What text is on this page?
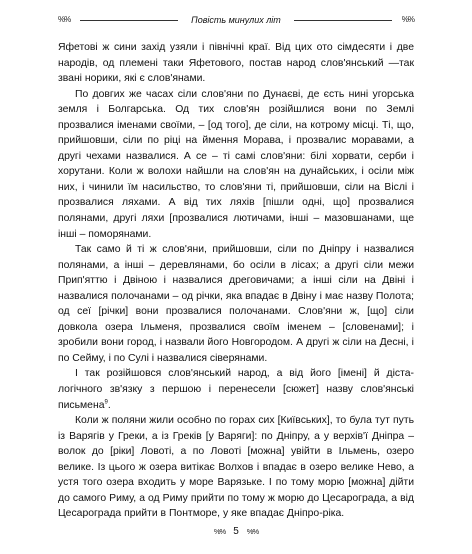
%%	Повість минулих літ	%%

Яфетові ж сини захід узяли і північні краї. Від цих ото сімдесяти і две народів, од племені таки Яфетового, постав народ слов'янський —так звані норики, які є слов'янами.

По довгих же часах сіли слов'яни по Дунаєві, де єсть нині угорська земля і Болгарська. Од тих слов'ян розійшлися вони по Землі прозвалися іменами своїми, – [од того], де сіли, на котрому місці. Ті, що, прийшовши, сіли по ріці на ймення Морава, і прозвалис моравами, а другі чехами назвалися. А се – ті самі слов'яни: білі хорвати, серби і хорутани. Коли ж волохи найшли на слов'ян на дунайських, і осіли між них, і чинили їм насильство, то слов'яни ті, прийшовши, сіли на Віслі і прозвалися ляхами. А від тих ляхів [пішли одні, що] прозвалися полянами, другі ляхи [прозвалися лютичами, інші – мазовшанами, ще інші – поморянами.

Так само й ті ж слов'яни, прийшовши, сіли по Дніпру і назвалися полянами, а інші – деревлянами, бо осіли в лісах; а другі сіли межи Прип'яттю і Двіною і назвалися дреговичами; а інші сіли на Двіні і назвалися полочанами – од річки, яка впадає в Двіну і має назву Полота; од сеї [річки] вони прозвалися полочанами. Слов'яни ж, [що] сіли довкола озера Ільменя, прозвалися своїм іменем – [словенами]; і зробили вони город, і назвали його Новгородом. А другі ж сіли на Десні, і по Сейму, і по Сулі і назвалися сіверянами.

І так розійшовся слов'янський народ, а від його [імені] й діста-логічного зв'язку з першою і перенесели [сюжет] назву слов'янські письмена$^9$.

Коли ж поляни жили особно по горах сих [Київських], то була тут путь із Варягів у Греки, а із Греків [у Варяги]: по Дніпру, а у верхів'ї Дніпра – волок до [ріки] Ловоті, а по Ловоті [можна] увійти в Ільмень, озеро велике. Із цього ж озера витікає Волхов і впадає в озеро велике Нево, а устя того озера входить у море Варязьке. І по тому морю [можна] дійти до самого Риму, а од Риму прийти по тому ж морю до Цесарограда, а від Цесарограда прийти в Понтморе, у яке впадає Дніпро-ріка.

%% 5 %%
